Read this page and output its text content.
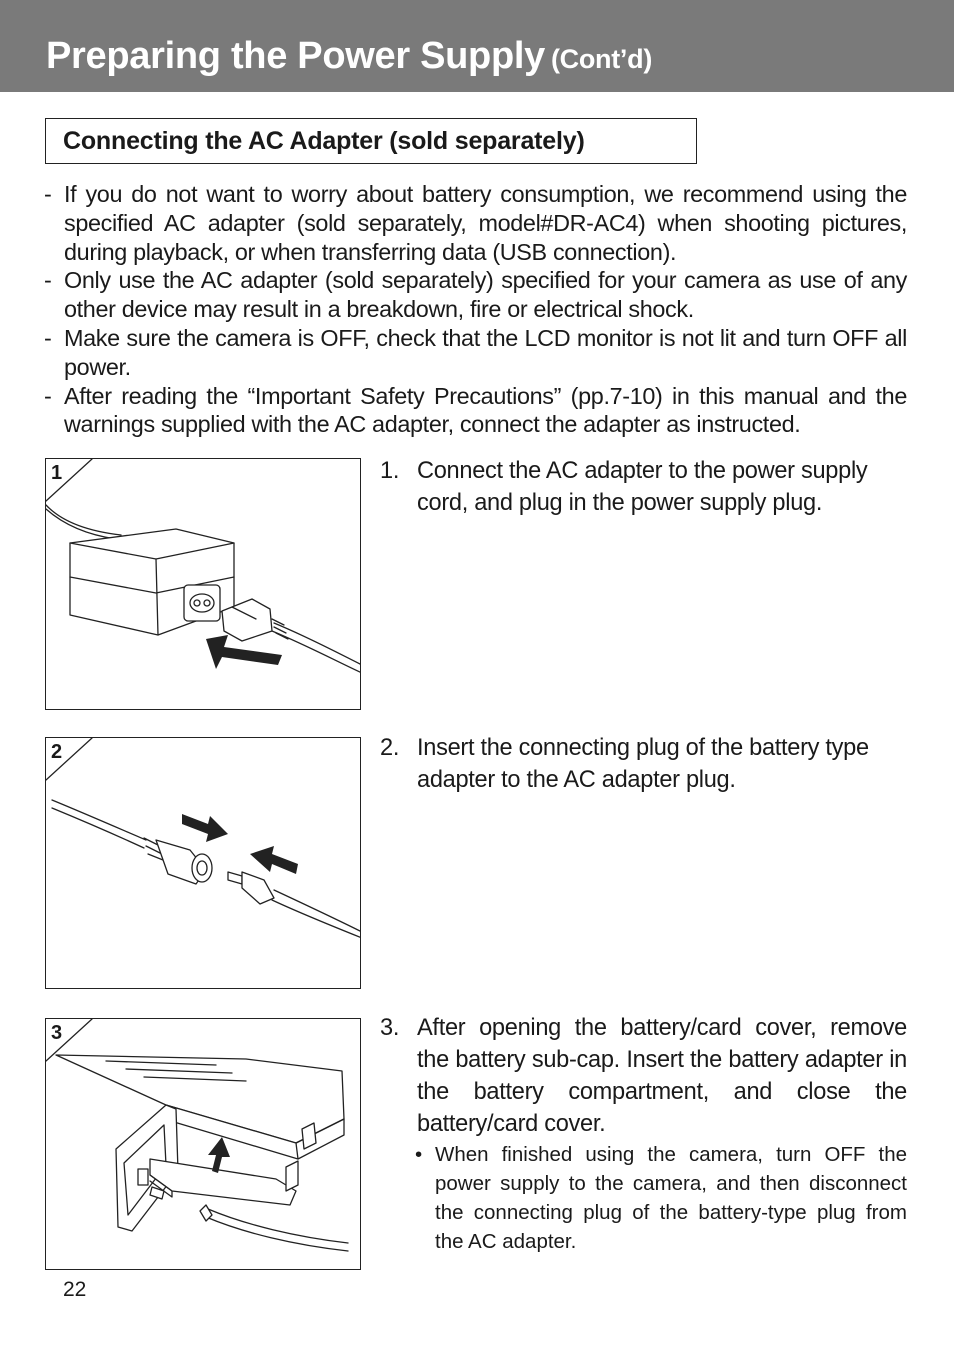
Preparing the Power Supply (Cont’d)
Connecting the AC Adapter (sold separately)
- If you do not want to worry about battery consumption, we recommend using the specified AC adapter (sold separately, model#DR-AC4) when shooting pictures, during playback, or when transferring data (USB connection).
- Only use the AC adapter (sold separately) specified for your camera as use of any other device may result in a breakdown, fire or electrical shock.
- Make sure the camera is OFF, check that the LCD monitor is not lit and turn OFF all power.
- After reading the “Important Safety Precautions” (pp.7-10) in this manual and the warnings supplied with the AC adapter, connect the adapter as instructed.
1	1. Connect the AC adapter to the power supply cord, and plug in the power supply plug.
2	2. Insert the connecting plug of the battery type adapter to the AC adapter plug.
3	3. After opening the battery/card cover, remove the battery sub-cap. Insert the battery adapter in the battery compartment, and close the battery/card cover.
• When finished using the camera, turn OFF the power supply to the camera, and then disconnect the connecting plug of the battery-type plug from the AC adapter.
22
